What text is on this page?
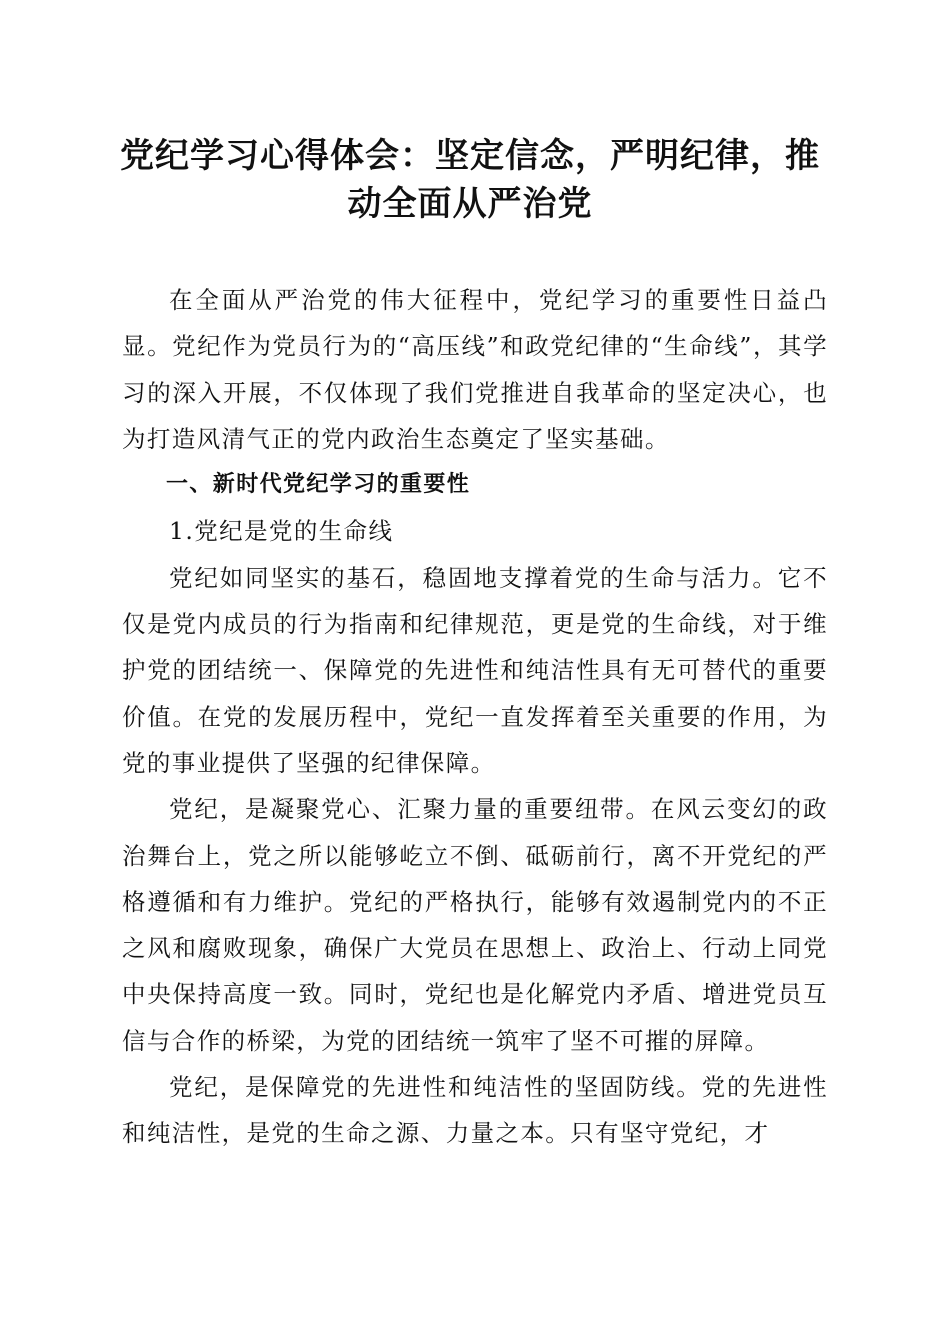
党纪学习心得体会：坚定信念，严明纪律，推
动全面从严治党

在全面从严治党的伟大征程中，党纪学习的重要性日益凸显。党纪作为党员行为的“高压线”和政党纪律的“生命线”，其学习的深入开展，不仅体现了我们党推进自我革命的坚定决心，也为打造风清气正的党内政治生态奠定了坚实基础。

一、新时代党纪学习的重要性

1.党纪是党的生命线

党纪如同坚实的基石，稳固地支撑着党的生命与活力。它不仅是党内成员的行为指南和纪律规范，更是党的生命线，对于维护党的团结统一、保障党的先进性和纯洁性具有无可替代的重要价值。在党的发展历程中，党纪一直发挥着至关重要的作用，为党的事业提供了坚强的纪律保障。

党纪，是凝聚党心、汇聚力量的重要纽带。在风云变幻的政治舞台上，党之所以能够屹立不倒、砥砺前行，离不开党纪的严格遵循和有力维护。党纪的严格执行，能够有效遏制党内的不正之风和腐败现象，确保广大党员在思想上、政治上、行动上同党中央保持高度一致。同时，党纪也是化解党内矛盾、增进党员互信与合作的桥梁，为党的团结统一筑牢了坚不可摧的屏障。

党纪，是保障党的先进性和纯洁性的坚固防线。党的先进性和纯洁性，是党的生命之源、力量之本。只有坚守党纪，才
